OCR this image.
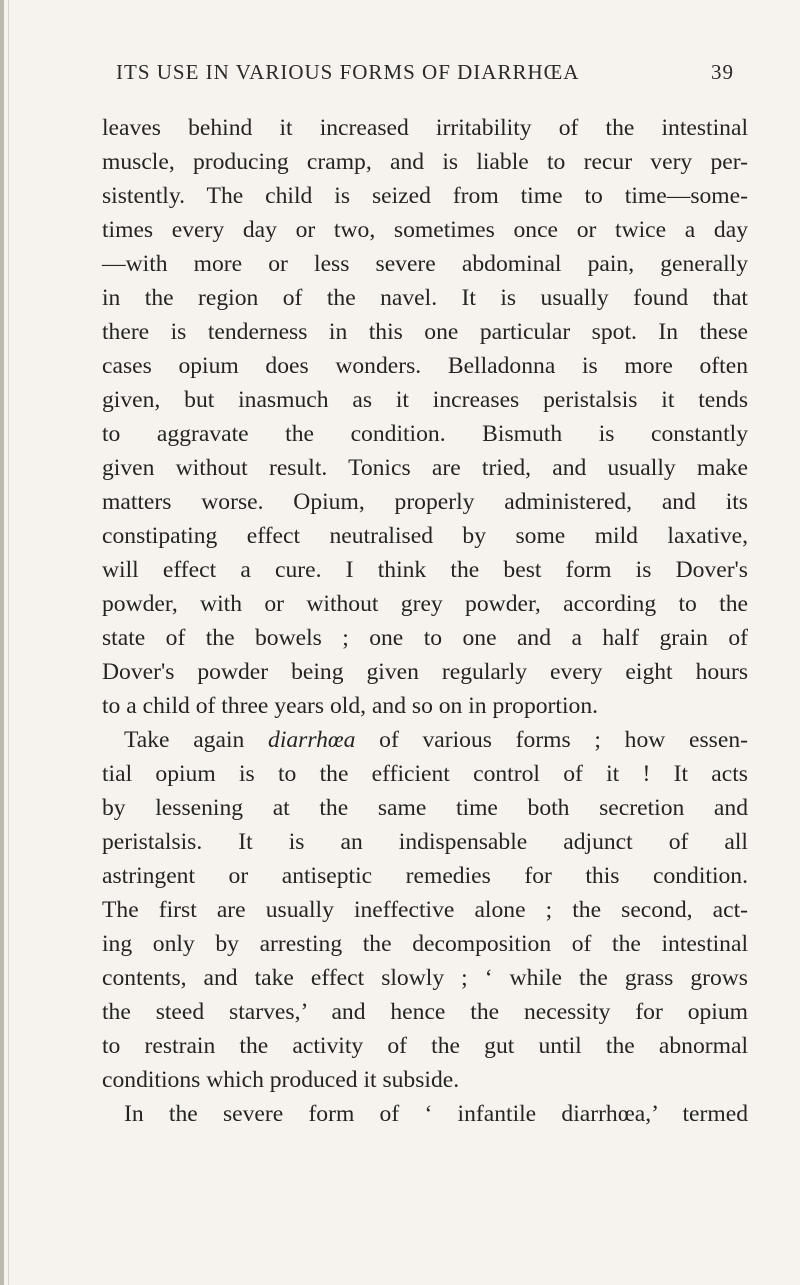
ITS USE IN VARIOUS FORMS OF DIARRHŒA	39
leaves behind it increased irritability of the intestinal
muscle, producing cramp, and is liable to recur very per-
sistently. The child is seized from time to time—some-
times every day or two, sometimes once or twice a day
—with more or less severe abdominal pain, generally
in the region of the navel. It is usually found that
there is tenderness in this one particular spot. In these
cases opium does wonders. Belladonna is more often
given, but inasmuch as it increases peristalsis it tends
to aggravate the condition. Bismuth is constantly
given without result. Tonics are tried, and usually make
matters worse. Opium, properly administered, and its
constipating effect neutralised by some mild laxative,
will effect a cure. I think the best form is Dover's
powder, with or without grey powder, according to the
state of the bowels ; one to one and a half grain of
Dover's powder being given regularly every eight hours
to a child of three years old, and so on in proportion.
Take again diarrhœa of various forms ; how essen-
tial opium is to the efficient control of it ! It acts
by lessening at the same time both secretion and
peristalsis. It is an indispensable adjunct of all
astringent or antiseptic remedies for this condition.
The first are usually ineffective alone ; the second, act-
ing only by arresting the decomposition of the intestinal
contents, and take effect slowly ; ‘ while the grass grows
the steed starves,’ and hence the necessity for opium
to restrain the activity of the gut until the abnormal
conditions which produced it subside.
In the severe form of ‘ infantile diarrhœa,’ termed
